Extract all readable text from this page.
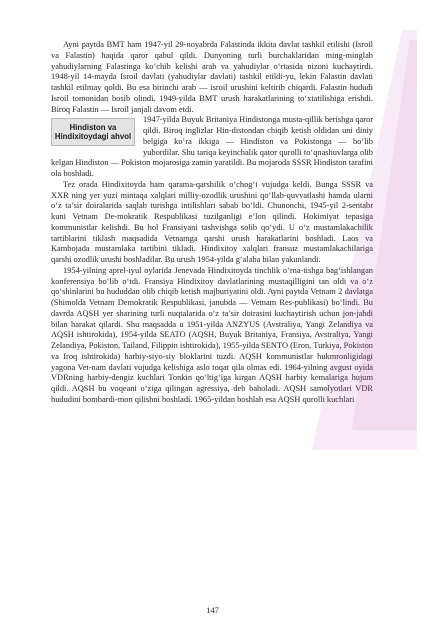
Ayni paytda BMT ham 1947-yil 29-noyabrda Falastinda ikkita davlat tashkil etilishi (Isroil va Falastin) haqida qaror qabul qildi. Dunyoning turli burchaklaridan ming-minglab yahudiylarning Falastinga ko‘chib kelishi arab va yahudiylar o‘rtasida nizoni kuchaytirdi. 1948-yil 14-mayda Isroil davlati (yahudiylar davlati) tashkil etildi-yu, lekin Falastin davlati tashkil etilmay qoldi. Bu esa birinchi arab — isroil urushini keltirib chiqardi. Falastin hududi Isroil tomonidan bosib olindi. 1949-yilda BMT urush harakatlarining to‘xtatilishiga erishdi. Biroq Falastin — Isroil janjali davom etdi.

Hindiston va
Hindixitoydagi ahvol

1947-yilda Buyuk Britaniya Hindistonga musta-qillik berishga qaror qildi. Biroq inglizlar Hin-distondan chiqib ketish oldidan uni diniy belgiga ko‘ra ikkiga — Hindiston va Pokistonga — bo‘lib yubordilar. Shu tariqa keyinchalik qator qurolli to‘qnashuvlarga olib kelgan Hindiston — Pokiston mojarosiga zamin yaratildi. Bu mojaroda SSSR Hindiston tarafini ola boshladi.

Tez orada Hindixitoyda ham qarama-qarshilik o‘chog‘i vujudga keldi. Bunga SSSR va XXR ning yer yuzi mintaqa xalqlari milliy-ozodlik urushini qo‘llab-quvvatlashi hamda ularni o‘z ta’sir doiralarida saqlab turishga intilishlari sabab bo‘ldi. Chunonchi, 1945-yil 2-sentabr kuni Vetnam De-mokratik Respublikasi tuzilganligi e’lon qilindi. Hokimiyat tepasiga kommunistlar kelishdi. Bu hol Fransiyani tashvishga solib qo‘ydi. U o‘z mustamlakachilik tartiblarini tiklash maqsadida Vetnamga qarshi urush harakatlarini boshladi. Laos va Kambojada mustamlaka tartibini tikladi. Hindixitoy xalqlari fransuz mustamlakachilariga qarshi ozodlik urushi boshladilar. Bu urush 1954-yilda g‘alaba bilan yakunlandi.

1954-yilning aprel-iyul oylarida Jenevada Hindixitoyda tinchlik o‘rna-tishga bag‘ishlangan konferensiya bo‘lib o‘tdi. Fransiya Hindixitoy davlatlarining mustaqilligini tan oldi va o‘z qo‘shinlarini bu hududdan olib chiqib ketish majburiyatini oldi. Ayni paytda Vetnam 2 davlatga (Shimolda Vetnam Demokratik Respublikasi, janubda — Vetnam Res-publikasi) bo‘lindi. Bu davrda AQSH yer sharining turli nuqtalarida o‘z ta’sir doirasini kuchaytirish uchun jon-jahdi bilan harakat qilardi. Shu maqsadda u 1951-yilda ANZYUS (Avstraliya, Yangi Zelandiya va AQSH ishtirokida), 1954-yilda SEATO (AQSH, Buyuk Britaniya, Fransiya, Avstraliya, Yangi Zelandiya, Pokiston, Tailand, Filippin ishtirokida), 1955-yilda SENTO (Eron, Turkiya, Pokiston va Iroq ishtirokida) harbiy-siyo-siy bloklarini tuzdi. AQSH kommunistlar hukmronligidagi yagona Vet-nam davlati vujudga kelishiga aslo toqat qila olmas edi. 1964-yilning avgust oyida VDRning harbiy-dengiz kuchlari Tonkin qo‘ltig‘iga kirgan AQSH harbiy kemalariga hujum qildi. AQSH bu voqeani o‘ziga qilingan agressiya, deb baholadi. AQSH samolyotlari VDR hududini bombardi-mon qilishni boshladi. 1965-yildan boshlab esa AQSH qurolli kuchlari

147
